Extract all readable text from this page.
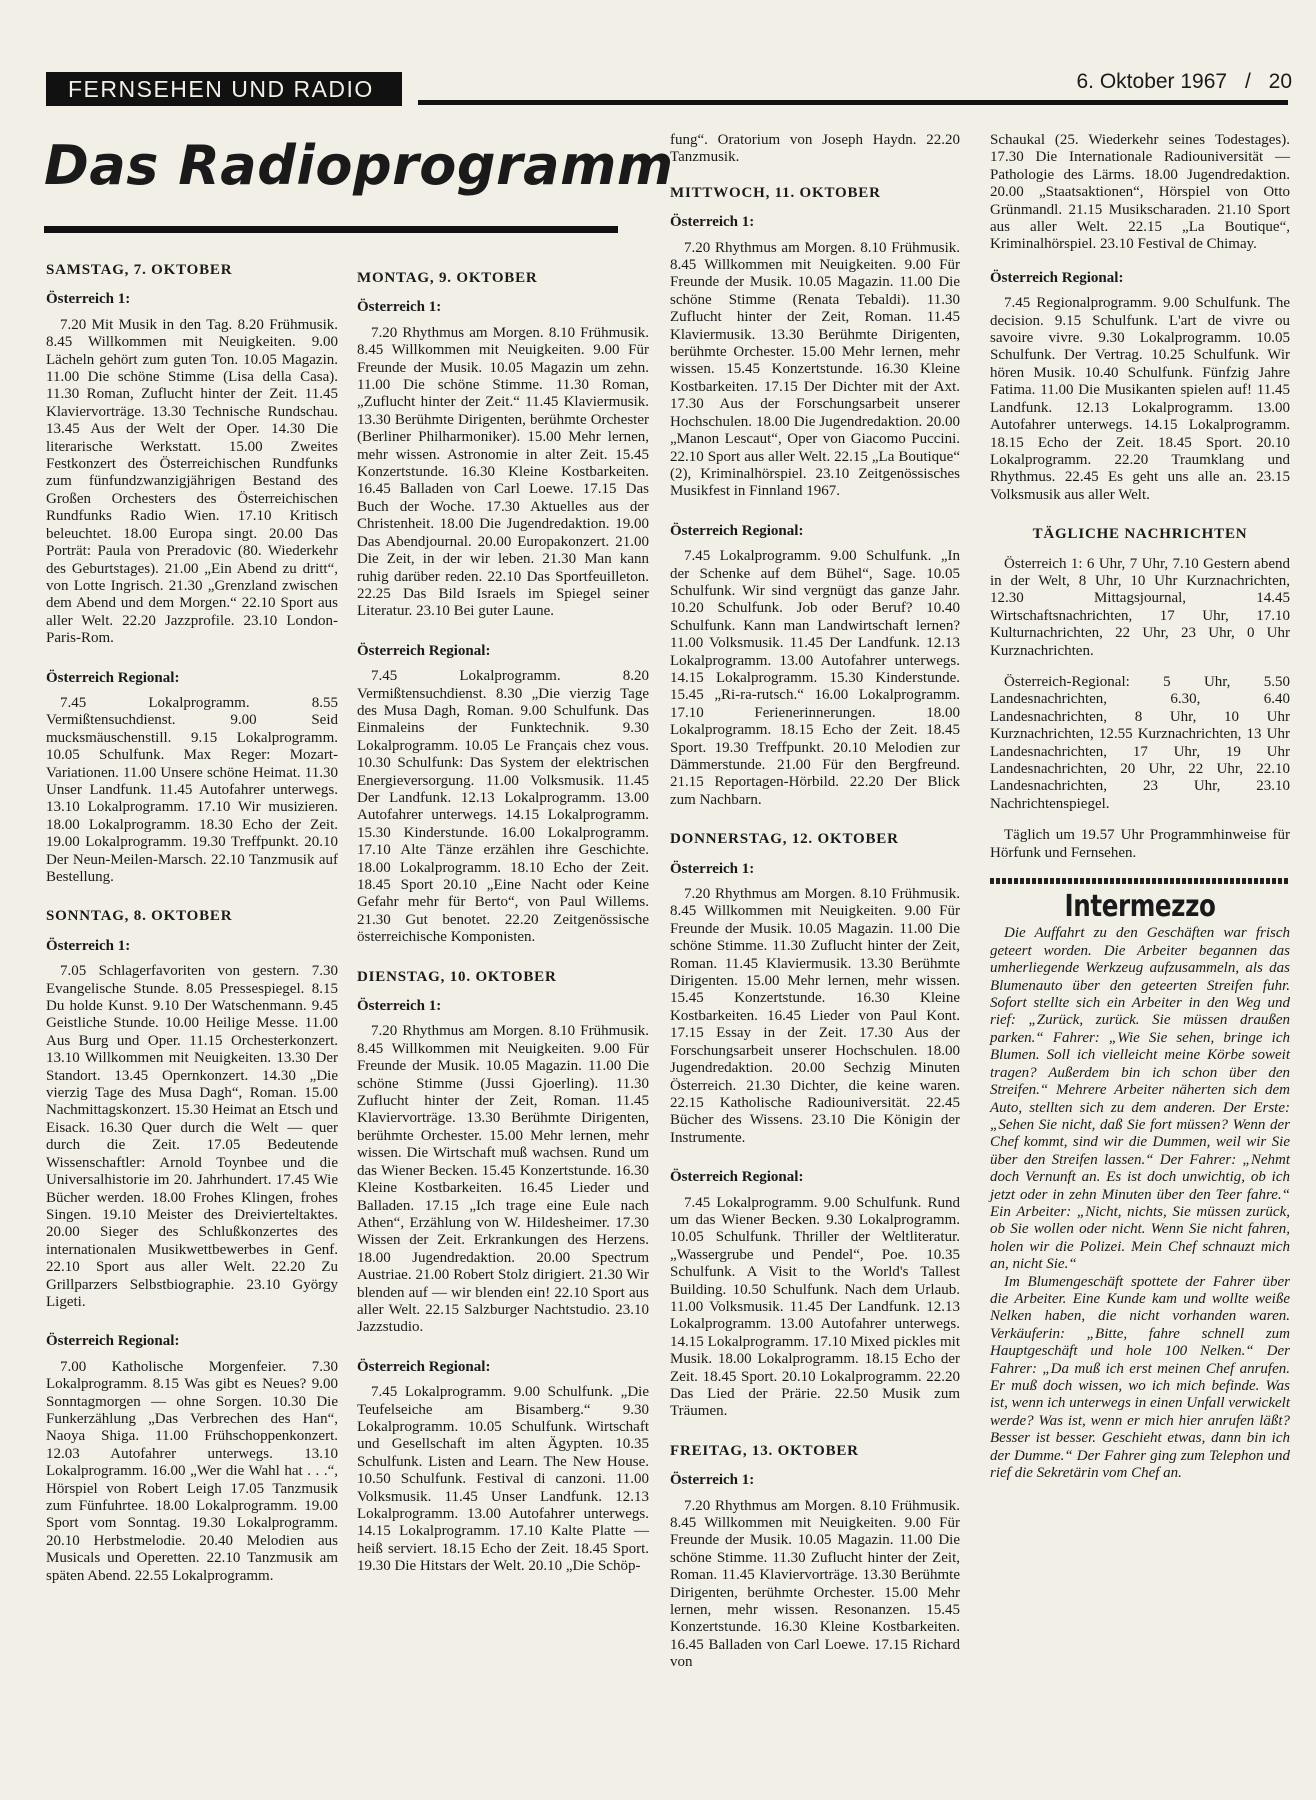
FERNSEHEN UND RADIO	6. Oktober 1967 / 20
Das Radioprogramm
SAMSTAG, 7. OKTOBER
Österreich 1:

7.20 Mit Musik in den Tag. 8.20 Frühmusik. 8.45 Willkommen mit Neuigkeiten. 9.00 Lächeln gehört zum guten Ton. 10.05 Magazin. 11.00 Die schöne Stimme (Lisa della Casa). 11.30 Roman, Zuflucht hinter der Zeit. 11.45 Klaviervorträge. 13.30 Technische Rundschau. 13.45 Aus der Welt der Oper. 14.30 Die literarische Werkstatt. 15.00 Zweites Festkonzert des Österreichischen Rundfunks zum fünfundzwanzigjährigen Bestand des Großen Orchesters des Österreichischen Rundfunks Radio Wien. 17.10 Kritisch beleuchtet. 18.00 Europa singt. 20.00 Das Porträt: Paula von Preradovic (80. Wiederkehr des Geburtstages). 21.00 „Ein Abend zu dritt“, von Lotte Ingrisch. 21.30 „Grenzland zwischen dem Abend und dem Morgen.“ 22.10 Sport aus aller Welt. 22.20 Jazzprofile. 23.10 London-Paris-Rom.

Österreich Regional:

7.45 Lokalprogramm. 8.55 Vermißtensuchdienst. 9.00 Seid mucksmäuschenstill. 9.15 Lokalprogramm. 10.05 Schulfunk. Max Reger: Mozart-Variationen. 11.00 Unsere schöne Heimat. 11.30 Unser Landfunk. 11.45 Autofahrer unterwegs. 13.10 Lokalprogramm. 17.10 Wir musizieren. 18.00 Lokalprogramm. 18.30 Echo der Zeit. 19.00 Lokalprogramm. 19.30 Treffpunkt. 20.10 Der Neun-Meilen-Marsch. 22.10 Tanzmusik auf Bestellung.

SONNTAG, 8. OKTOBER
Österreich 1:

7.05 Schlagerfavoriten von gestern. 7.30 Evangelische Stunde. 8.05 Pressespiegel. 8.15 Du holde Kunst. 9.10 Der Watschenmann. 9.45 Geistliche Stunde. 10.00 Heilige Messe. 11.00 Aus Burg und Oper. 11.15 Orchesterkonzert. 13.10 Willkommen mit Neuigkeiten. 13.30 Der Standort. 13.45 Opernkonzert. 14.30 „Die vierzig Tage des Musa Dagh“, Roman. 15.00 Nachmittagskonzert. 15.30 Heimat an Etsch und Eisack. 16.30 Quer durch die Welt — quer durch die Zeit. 17.05 Bedeutende Wissenschaftler: Arnold Toynbee und die Universalhistorie im 20. Jahrhundert. 17.45 Wie Bücher werden. 18.00 Frohes Klingen, frohes Singen. 19.10 Meister des Dreivierteltaktes. 20.00 Sieger des Schlußkonzertes des internationalen Musikwettbewerbes in Genf. 22.10 Sport aus aller Welt. 22.20 Zu Grillparzers Selbstbiographie. 23.10 György Ligeti.

Österreich Regional:

7.00 Katholische Morgenfeier. 7.30 Lokalprogramm. 8.15 Was gibt es Neues? 9.00 Sonntagmorgen — ohne Sorgen. 10.30 Die Funkerzählung „Das Verbrechen des Han“, Naoya Shiga. 11.00 Frühschoppenkonzert. 12.03 Autofahrer unterwegs. 13.10 Lokalprogramm. 16.00 „Wer die Wahl hat . . .“, Hörspiel von Robert Leigh 17.05 Tanzmusik zum Fünfuhrtee. 18.00 Lokalprogramm. 19.00 Sport vom Sonntag. 19.30 Lokalprogramm. 20.10 Herbstmelodie. 20.40 Melodien aus Musicals und Operetten. 22.10 Tanzmusik am späten Abend. 22.55 Lokalprogramm.

MONTAG, 9. OKTOBER
Österreich 1:

7.20 Rhythmus am Morgen. 8.10 Frühmusik. 8.45 Willkommen mit Neuigkeiten. 9.00 Für Freunde der Musik. 10.05 Magazin um zehn. 11.00 Die schöne Stimme. 11.30 Roman, „Zuflucht hinter der Zeit.“ 11.45 Klaviermusik. 13.30 Berühmte Dirigenten, berühmte Orchester (Berliner Philharmoniker). 15.00 Mehr lernen, mehr wissen. Astronomie in alter Zeit. 15.45 Konzertstunde. 16.30 Kleine Kostbarkeiten. 16.45 Balladen von Carl Loewe. 17.15 Das Buch der Woche. 17.30 Aktuelles aus der Christenheit. 18.00 Die Jugendredaktion. 19.00 Das Abendjournal. 20.00 Europakonzert. 21.00 Die Zeit, in der wir leben. 21.30 Man kann ruhig darüber reden. 22.10 Das Sportfeuilleton. 22.25 Das Bild Israels im Spiegel seiner Literatur. 23.10 Bei guter Laune.

Österreich Regional:

7.45 Lokalprogramm. 8.20 Vermißtensuchdienst. 8.30 „Die vierzig Tage des Musa Dagh, Roman. 9.00 Schulfunk. Das Einmaleins der Funktechnik. 9.30 Lokalprogramm. 10.05 Le Français chez vous. 10.30 Schulfunk: Das System der elektrischen Energieversorgung. 11.00 Volksmusik. 11.45 Der Landfunk. 12.13 Lokalprogramm. 13.00 Autofahrer unterwegs. 14.15 Lokalprogramm. 15.30 Kinderstunde. 16.00 Lokalprogramm. 17.10 Alte Tänze erzählen ihre Geschichte. 18.00 Lokalprogramm. 18.10 Echo der Zeit. 18.45 Sport 20.10 „Eine Nacht oder Keine Gefahr mehr für Berto“, von Paul Willems. 21.30 Gut benotet. 22.20 Zeitgenössische österreichische Komponisten.

DIENSTAG, 10. OKTOBER
Österreich 1:

7.20 Rhythmus am Morgen. 8.10 Frühmusik. 8.45 Willkommen mit Neuigkeiten. 9.00 Für Freunde der Musik. 10.05 Magazin. 11.00 Die schöne Stimme (Jussi Gjoerling). 11.30 Zuflucht hinter der Zeit, Roman. 11.45 Klaviervorträge. 13.30 Berühmte Dirigenten, berühmte Orchester. 15.00 Mehr lernen, mehr wissen. Die Wirtschaft muß wachsen. Rund um das Wiener Becken. 15.45 Konzertstunde. 16.30 Kleine Kostbarkeiten. 16.45 Lieder und Balladen. 17.15 „Ich trage eine Eule nach Athen“, Erzählung von W. Hildesheimer. 17.30 Wissen der Zeit. Erkrankungen des Herzens. 18.00 Jugendredaktion. 20.00 Spectrum Austriae. 21.00 Robert Stolz dirigiert. 21.30 Wir blenden auf — wir blenden ein! 22.10 Sport aus aller Welt. 22.15 Salzburger Nachtstudio. 23.10 Jazzstudio.

Österreich Regional:

7.45 Lokalprogramm. 9.00 Schulfunk. „Die Teufelseiche am Bisamberg.“ 9.30 Lokalprogramm. 10.05 Schulfunk. Wirtschaft und Gesellschaft im alten Ägypten. 10.35 Schulfunk. Listen and Learn. The New House. 10.50 Schulfunk. Festival di canzoni. 11.00 Volksmusik. 11.45 Unser Landfunk. 12.13 Lokalprogramm. 13.00 Autofahrer unterwegs. 14.15 Lokalprogramm. 17.10 Kalte Platte — heiß serviert. 18.15 Echo der Zeit. 18.45 Sport. 19.30 Die Hitstars der Welt. 20.10 „Die Schöp-

fung“. Oratorium von Joseph Haydn. 22.20 Tanzmusik.

MITTWOCH, 11. OKTOBER
Österreich 1:

7.20 Rhythmus am Morgen. 8.10 Frühmusik. 8.45 Willkommen mit Neuigkeiten. 9.00 Für Freunde der Musik. 10.05 Magazin. 11.00 Die schöne Stimme (Renata Tebaldi). 11.30 Zuflucht hinter der Zeit, Roman. 11.45 Klaviermusik. 13.30 Berühmte Dirigenten, berühmte Orchester. 15.00 Mehr lernen, mehr wissen. 15.45 Konzertstunde. 16.30 Kleine Kostbarkeiten. 17.15 Der Dichter mit der Axt. 17.30 Aus der Forschungsarbeit unserer Hochschulen. 18.00 Die Jugendredaktion. 20.00 „Manon Lescaut“, Oper von Giacomo Puccini. 22.10 Sport aus aller Welt. 22.15 „La Boutique“ (2), Kriminalhörspiel. 23.10 Zeitgenössisches Musikfest in Finnland 1967.

Österreich Regional:

7.45 Lokalprogramm. 9.00 Schulfunk. „In der Schenke auf dem Bühel“, Sage. 10.05 Schulfunk. Wir sind vergnügt das ganze Jahr. 10.20 Schulfunk. Job oder Beruf? 10.40 Schulfunk. Kann man Landwirtschaft lernen? 11.00 Volksmusik. 11.45 Der Landfunk. 12.13 Lokalprogramm. 13.00 Autofahrer unterwegs. 14.15 Lokalprogramm. 15.30 Kinderstunde. 15.45 „Ri-ra-rutsch.“ 16.00 Lokalprogramm. 17.10 Ferienerinnerungen. 18.00 Lokalprogramm. 18.15 Echo der Zeit. 18.45 Sport. 19.30 Treffpunkt. 20.10 Melodien zur Dämmerstunde. 21.00 Für den Bergfreund. 21.15 Reportagen-Hörbild. 22.20 Der Blick zum Nachbarn.

DONNERSTAG, 12. OKTOBER
Österreich 1:

7.20 Rhythmus am Morgen. 8.10 Frühmusik. 8.45 Willkommen mit Neuigkeiten. 9.00 Für Freunde der Musik. 10.05 Magazin. 11.00 Die schöne Stimme. 11.30 Zuflucht hinter der Zeit, Roman. 11.45 Klaviermusik. 13.30 Berühmte Dirigenten. 15.00 Mehr lernen, mehr wissen. 15.45 Konzertstunde. 16.30 Kleine Kostbarkeiten. 16.45 Lieder von Paul Kont. 17.15 Essay in der Zeit. 17.30 Aus der Forschungsarbeit unserer Hochschulen. 18.00 Jugendredaktion. 20.00 Sechzig Minuten Österreich. 21.30 Dichter, die keine waren. 22.15 Katholische Radiouniversität. 22.45 Bücher des Wissens. 23.10 Die Königin der Instrumente.

Österreich Regional:

7.45 Lokalprogramm. 9.00 Schulfunk. Rund um das Wiener Becken. 9.30 Lokalprogramm. 10.05 Schulfunk. Thriller der Weltliteratur. „Wassergrube und Pendel“, Poe. 10.35 Schulfunk. A Visit to the World's Tallest Building. 10.50 Schulfunk. Nach dem Urlaub. 11.00 Volksmusik. 11.45 Der Landfunk. 12.13 Lokalprogramm. 13.00 Autofahrer unterwegs. 14.15 Lokalprogramm. 17.10 Mixed pickles mit Musik. 18.00 Lokalprogramm. 18.15 Echo der Zeit. 18.45 Sport. 20.10 Lokalprogramm. 22.20 Das Lied der Prärie. 22.50 Musik zum Träumen.

FREITAG, 13. OKTOBER
Österreich 1:

7.20 Rhythmus am Morgen. 8.10 Frühmusik. 8.45 Willkommen mit Neuigkeiten. 9.00 Für Freunde der Musik. 10.05 Magazin. 11.00 Die schöne Stimme. 11.30 Zuflucht hinter der Zeit, Roman. 11.45 Klaviervorträge. 13.30 Berühmte Dirigenten, berühmte Orchester. 15.00 Mehr lernen, mehr wissen. Resonanzen. 15.45 Konzertstunde. 16.30 Kleine Kostbarkeiten. 16.45 Balladen von Carl Loewe. 17.15 Richard von

Schaukal (25. Wiederkehr seines Todestages). 17.30 Die Internationale Radiouniversität — Pathologie des Lärms. 18.00 Jugendredaktion. 20.00 „Staatsaktionen“, Hörspiel von Otto Grünmandl. 21.15 Musikscharaden. 21.10 Sport aus aller Welt. 22.15 „La Boutique“, Kriminalhörspiel. 23.10 Festival de Chimay.

Österreich Regional:

7.45 Regionalprogramm. 9.00 Schulfunk. The decision. 9.15 Schulfunk. L'art de vivre ou savoire vivre. 9.30 Lokalprogramm. 10.05 Schulfunk. Der Vertrag. 10.25 Schulfunk. Wir hören Musik. 10.40 Schulfunk. Fünfzig Jahre Fatima. 11.00 Die Musikanten spielen auf! 11.45 Landfunk. 12.13 Lokalprogramm. 13.00 Autofahrer unterwegs. 14.15 Lokalprogramm. 18.15 Echo der Zeit. 18.45 Sport. 20.10 Lokalprogramm. 22.20 Traumklang und Rhythmus. 22.45 Es geht uns alle an. 23.15 Volksmusik aus aller Welt.

TÄGLICHE NACHRICHTEN

Österreich 1: 6 Uhr, 7 Uhr, 7.10 Gestern abend in der Welt, 8 Uhr, 10 Uhr Kurznachrichten, 12.30 Mittagsjournal, 14.45 Wirtschaftsnachrichten, 17 Uhr, 17.10 Kulturnachrichten, 22 Uhr, 23 Uhr, 0 Uhr Kurznachrichten.

Österreich-Regional: 5 Uhr, 5.50 Landesnachrichten, 6.30, 6.40 Landesnachrichten, 8 Uhr, 10 Uhr Kurznachrichten, 12.55 Kurznachrichten, 13 Uhr Landesnachrichten, 17 Uhr, 19 Uhr Landesnachrichten, 20 Uhr, 22 Uhr, 22.10 Landesnachrichten, 23 Uhr, 23.10 Nachrichtenspiegel.

Täglich um 19.57 Uhr Programmhinweise für Hörfunk und Fernsehen.

Intermezzo

Die Auffahrt zu den Geschäften war frisch geteert worden. Die Arbeiter begannen das umherliegende Werkzeug aufzusammeln, als das Blumenauto über den geteerten Streifen fuhr. Sofort stellte sich ein Arbeiter in den Weg und rief: „Zurück, zurück. Sie müssen draußen parken.“ Fahrer: „Wie Sie sehen, bringe ich Blumen. Soll ich vielleicht meine Körbe soweit tragen? Außerdem bin ich schon über den Streifen.“ Mehrere Arbeiter näherten sich dem Auto, stellten sich zu dem anderen. Der Erste: „Sehen Sie nicht, daß Sie fort müssen? Wenn der Chef kommt, sind wir die Dummen, weil wir Sie über den Streifen lassen.“ Der Fahrer: „Nehmt doch Vernunft an. Es ist doch unwichtig, ob ich jetzt oder in zehn Minuten über den Teer fahre.“ Ein Arbeiter: „Nicht, nichts, Sie müssen zurück, ob Sie wollen oder nicht. Wenn Sie nicht fahren, holen wir die Polizei. Mein Chef schnauzt mich an, nicht Sie.“

Im Blumengeschäft spottete der Fahrer über die Arbeiter. Eine Kunde kam und wollte weiße Nelken haben, die nicht vorhanden waren. Verkäuferin: „Bitte, fahre schnell zum Hauptgeschäft und hole 100 Nelken.“ Der Fahrer: „Da muß ich erst meinen Chef anrufen. Er muß doch wissen, wo ich mich befinde. Was ist, wenn ich unterwegs in einen Unfall verwickelt werde? Was ist, wenn er mich hier anrufen läßt? Besser ist besser. Geschieht etwas, dann bin ich der Dumme.“ Der Fahrer ging zum Telephon und rief die Sekretärin vom Chef an.
